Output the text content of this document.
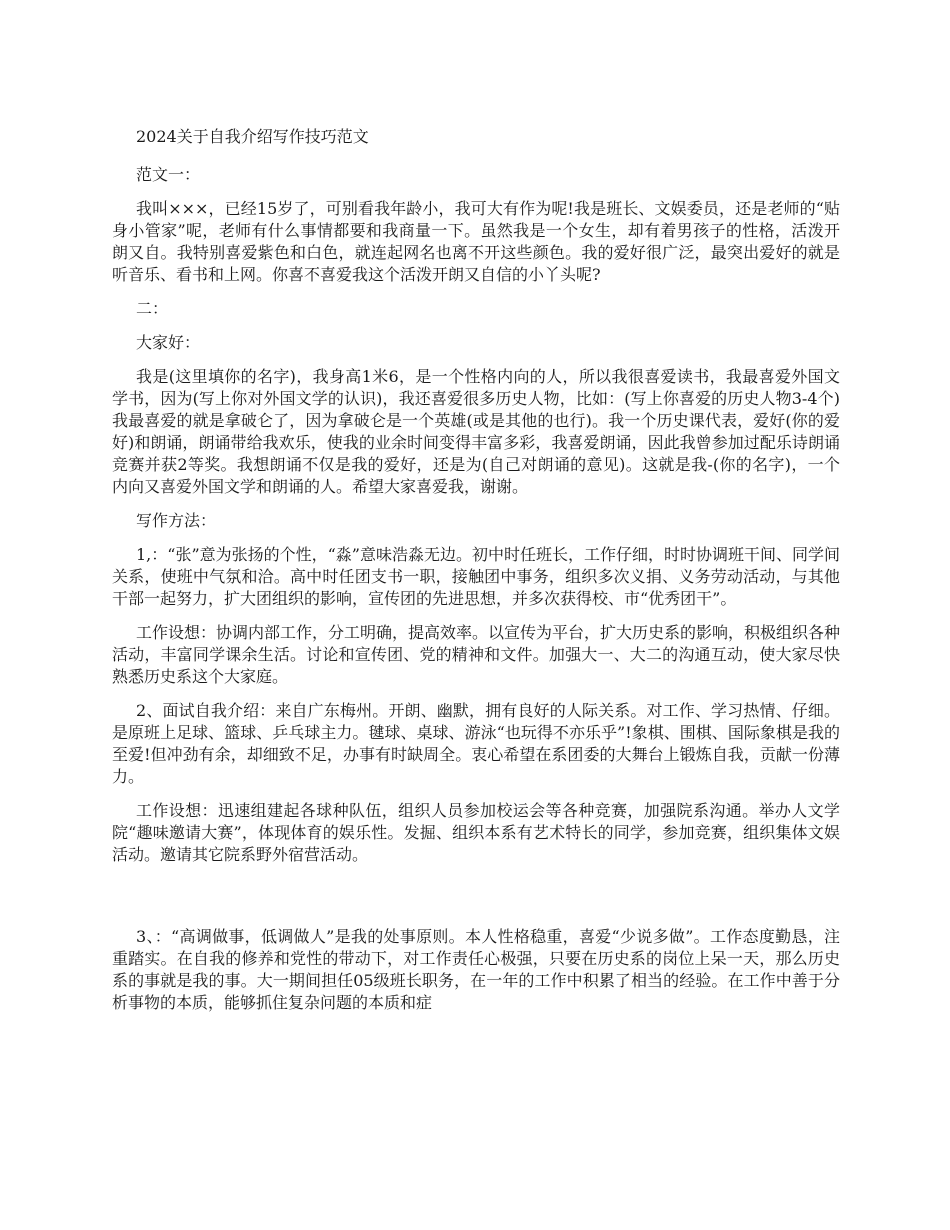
2024关于自我介绍写作技巧范文

范文一：

我叫×××，已经15岁了，可别看我年龄小，我可大有作为呢!我是班长、文娱委员，还是老师的“贴身小管家”呢，老师有什么事情都要和我商量一下。虽然我是一个女生，却有着男孩子的性格，活泼开朗又自。我特别喜爱紫色和白色，就连起网名也离不开这些颜色。我的爱好很广泛，最突出爱好的就是听音乐、看书和上网。你喜不喜爱我这个活泼开朗又自信的小丫头呢?

二：

大家好：

我是(这里填你的名字)，我身高1米6，是一个性格内向的人，所以我很喜爱读书，我最喜爱外国文学书，因为(写上你对外国文学的认识)，我还喜爱很多历史人物，比如：(写上你喜爱的历史人物3-4个)我最喜爱的就是拿破仑了，因为拿破仑是一个英雄(或是其他的也行)。我一个历史课代表，爱好(你的爱好)和朗诵，朗诵带给我欢乐，使我的业余时间变得丰富多彩，我喜爱朗诵，因此我曾参加过配乐诗朗诵竞赛并获2等奖。我想朗诵不仅是我的爱好，还是为(自己对朗诵的意见)。这就是我-(你的名字)，一个内向又喜爱外国文学和朗诵的人。希望大家喜爱我，谢谢。

写作方法：

1,：“张”意为张扬的个性，“淼”意味浩淼无边。初中时任班长，工作仔细，时时协调班干间、同学间关系，使班中气氛和洽。高中时任团支书一职，接触团中事务，组织多次义捐、义务劳动活动，与其他干部一起努力，扩大团组织的影响，宣传团的先进思想，并多次获得校、市“优秀团干”。

工作设想：协调内部工作，分工明确，提高效率。以宣传为平台，扩大历史系的影响，积极组织各种活动，丰富同学课余生活。讨论和宣传团、党的精神和文件。加强大一、大二的沟通互动，使大家尽快熟悉历史系这个大家庭。

2、面试自我介绍：来自广东梅州。开朗、幽默，拥有良好的人际关系。对工作、学习热情、仔细。是原班上足球、篮球、乒乓球主力。毽球、桌球、游泳“也玩得不亦乐乎”!象棋、围棋、国际象棋是我的至爱!但冲劲有余，却细致不足，办事有时缺周全。衷心希望在系团委的大舞台上锻炼自我，贡献一份薄力。

工作设想：迅速组建起各球种队伍，组织人员参加校运会等各种竞赛，加强院系沟通。举办人文学院“趣味邀请大赛”，体现体育的娱乐性。发掘、组织本系有艺术特长的同学，参加竞赛，组织集体文娱活动。邀请其它院系野外宿营活动。

3、：“高调做事，低调做人”是我的处事原则。本人性格稳重，喜爱“少说多做”。工作态度勤恳，注重踏实。在自我的修养和党性的带动下，对工作责任心极强，只要在历史系的岗位上呆一天，那么历史系的事就是我的事。大一期间担任05级班长职务，在一年的工作中积累了相当的经验。在工作中善于分析事物的本质，能够抓住复杂问题的本质和症
